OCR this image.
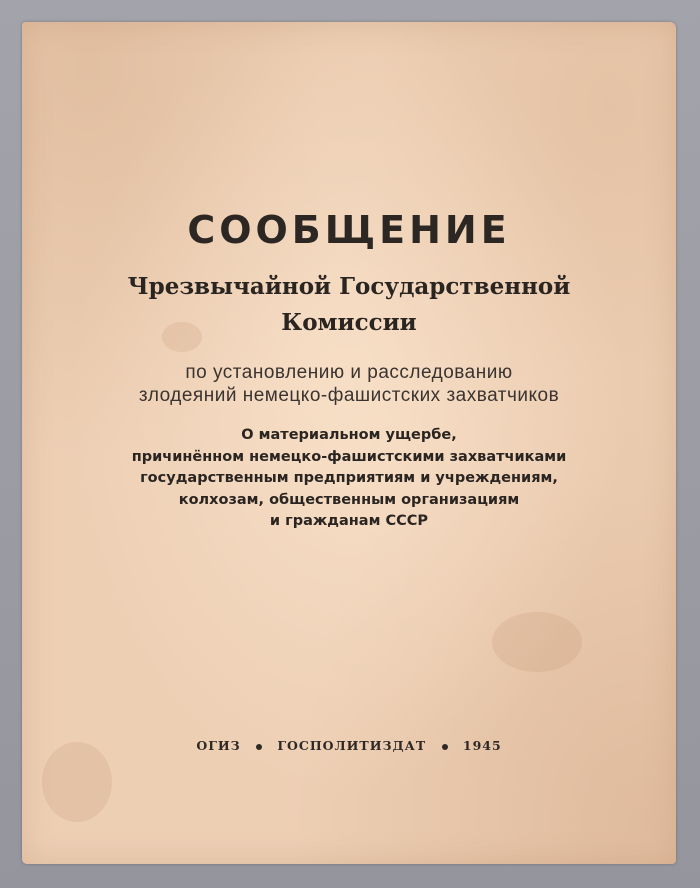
СООБЩЕНИЕ
Чрезвычайной Государственной
Комиссии
по установлению и расследованию
злодеяний немецко-фашистских захватчиков
О материальном ущербе,
причинённом немецко-фашистскими захватчиками
государственным предприятиям и учреждениям,
колхозам, общественным организациям
и гражданам СССР
ОГИЗ	ГОСПОЛИТИЗДАТ	1945
